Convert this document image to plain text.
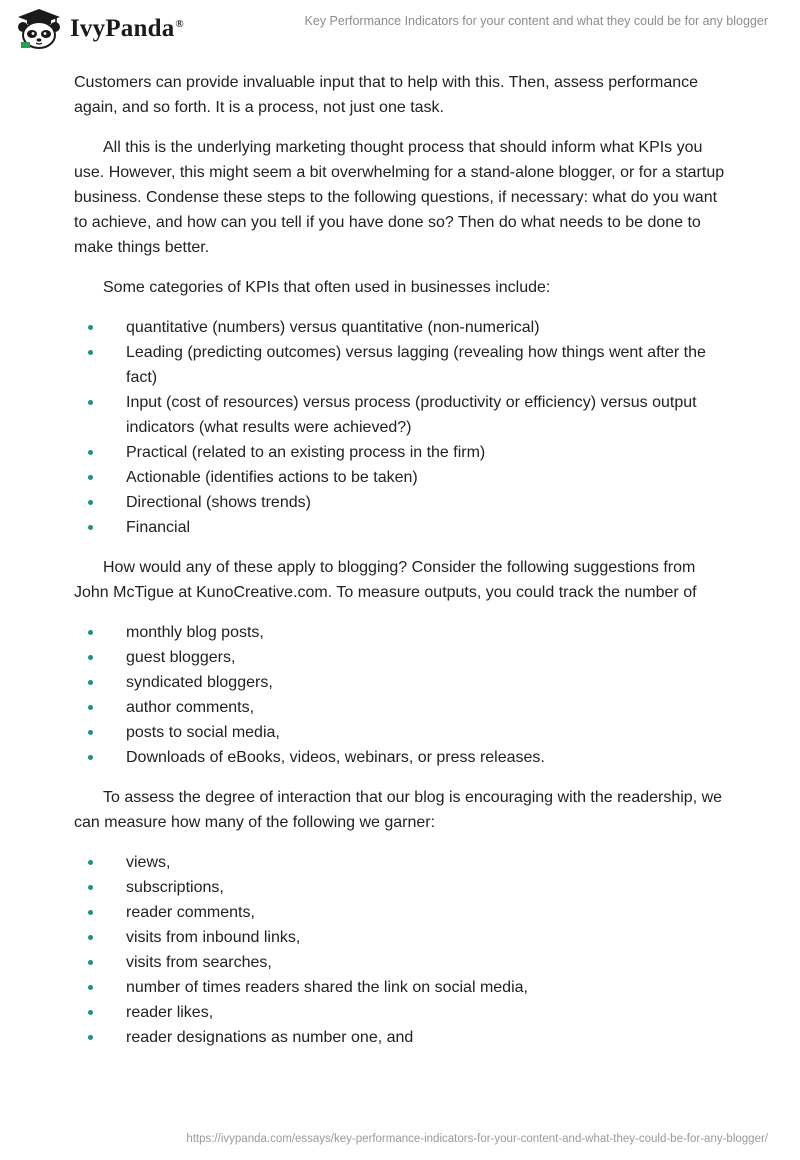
IvyPanda®	Key Performance Indicators for your content and what they could be for any blogger

Customers can provide invaluable input that to help with this. Then, assess performance again, and so forth. It is a process, not just one task.

All this is the underlying marketing thought process that should inform what KPIs you use. However, this might seem a bit overwhelming for a stand-alone blogger, or for a startup business. Condense these steps to the following questions, if necessary: what do you want to achieve, and how can you tell if you have done so? Then do what needs to be done to make things better.

Some categories of KPIs that often used in businesses include:

quantitative (numbers) versus quantitative (non-numerical)
Leading (predicting outcomes) versus lagging (revealing how things went after the fact)
Input (cost of resources) versus process (productivity or efficiency) versus output indicators (what results were achieved?)
Practical (related to an existing process in the firm)
Actionable (identifies actions to be taken)
Directional (shows trends)
Financial

How would any of these apply to blogging? Consider the following suggestions from John McTigue at KunoCreative.com. To measure outputs, you could track the number of

monthly blog posts,
guest bloggers,
syndicated bloggers,
author comments,
posts to social media,
Downloads of eBooks, videos, webinars, or press releases.

To assess the degree of interaction that our blog is encouraging with the readership, we can measure how many of the following we garner:

views,
subscriptions,
reader comments,
visits from inbound links,
visits from searches,
number of times readers shared the link on social media,
reader likes,
reader designations as number one, and
https://ivypanda.com/essays/key-performance-indicators-for-your-content-and-what-they-could-be-for-any-blogger/
